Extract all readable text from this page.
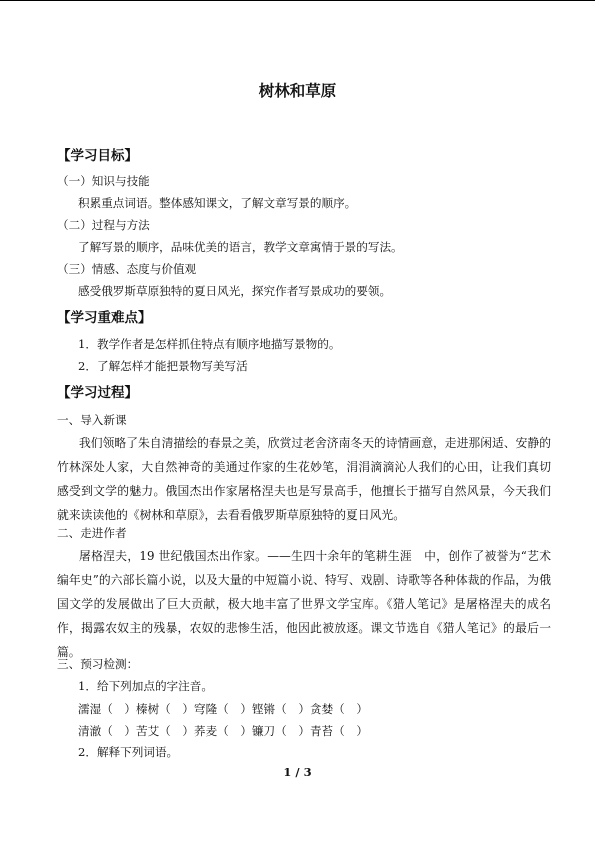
树林和草原
【学习目标】
（一）知识与技能
积累重点词语。整体感知课文，了解文章写景的顺序。
（二）过程与方法
了解写景的顺序，品味优美的语言，教学文章寓情于景的写法。
（三）情感、态度与价值观
感受俄罗斯草原独特的夏日风光，探究作者写景成功的要领。
【学习重难点】
1．教学作者是怎样抓住特点有顺序地描写景物的。
2．了解怎样才能把景物写美写活
【学习过程】
一、导入新课
我们领略了朱自清描绘的春景之美，欣赏过老舍济南冬天的诗情画意，走进那闲适、安静的竹林深处人家，大自然神奇的美通过作家的生花妙笔，涓涓滴滴沁人我们的心田，让我们真切感受到文学的魅力。俄国杰出作家屠格涅夫也是写景高手，他擅长于描写自然风景，今天我们就来读读他的《树林和草原》，去看看俄罗斯草原独特的夏日风光。
二、走进作者
屠格涅夫，19 世纪俄国杰出作家。——生四十余年的笔耕生涯　中，创作了被誉为“艺术编年史”的六部长篇小说，以及大量的中短篇小说、特写、戏剧、诗歌等各种体裁的作品，为俄国文学的发展做出了巨大贡献，极大地丰富了世界文学宝库。《猎人笔记》是屠格涅夫的成名作，揭露农奴主的残暴，农奴的悲惨生活，他因此被放逐。课文节选自《猎人笔记》的最后一篇。
三、预习检测：
1．给下列加点的字注音。
濡湿（　）榛树（　）穹隆（　）铿锵（　）贪婪（　）
清澈（　）苦艾（　）荞麦（　）镰刀（　）青苔（　）
2．解释下列词语。
1 / 3
